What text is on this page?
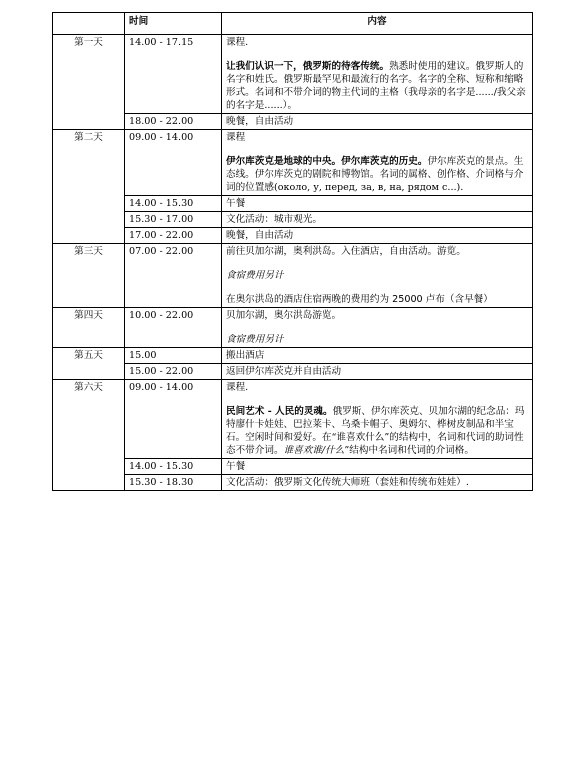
	时间	内容
第一天	14.00 - 17.15	课程.

让我们认识一下，俄罗斯的待客传统。熟悉时使用的建议。俄罗斯人的名字和姓氏。俄罗斯最罕见和最流行的名字。名字的全称、短称和缩略形式。名词和不带介词的物主代词的主格（我母亲的名字是....../我父亲的名字是......）。

	18.00 - 22.00	晚餐，自由活动
第二天	09.00 - 14.00	课程

伊尔库茨克是地球的中央。伊尔库茨克的历史。伊尔库茨克的景点。生态线。伊尔库茨克的剧院和博物馆。名词的属格、创作格、介词格与介词的位置感(около, у, перед, за, в, на, рядом с...).

	14.00 - 15.30	午餐
	15.30 - 17.00	文化活动：城市观光。
	17.00 - 22.00	晚餐，自由活动
第三天	07.00 - 22.00	前往贝加尔湖，奥利洪岛。入住酒店，自由活动。游览。

食宿费用另计

在奥尔洪岛的酒店住宿两晚的费用约为 25000 卢布（含早餐）

第四天	10.00 - 22.00	贝加尔湖，奥尔洪岛游览。

食宿费用另计

第五天	15.00	搬出酒店
	15.00 - 22.00	返回伊尔库茨克并自由活动
第六天	09.00 - 14.00	课程.

民间艺术 - 人民的灵魂。俄罗斯、伊尔库茨克、贝加尔湖的纪念品：玛特廖什卡娃娃、巴拉莱卡、乌桑卡帽子、奥姆尔、桦树皮制品和半宝石。空闲时间和爱好。在“谁喜欢什么”的结构中，名词和代词的助词性态不带介词。谁喜欢谁/什么”结构中名词和代词的介词格。

	14.00 - 15.30	午餐
	15.30 - 18.30	文化活动：俄罗斯文化传统大师班（套娃和传统布娃娃）.
